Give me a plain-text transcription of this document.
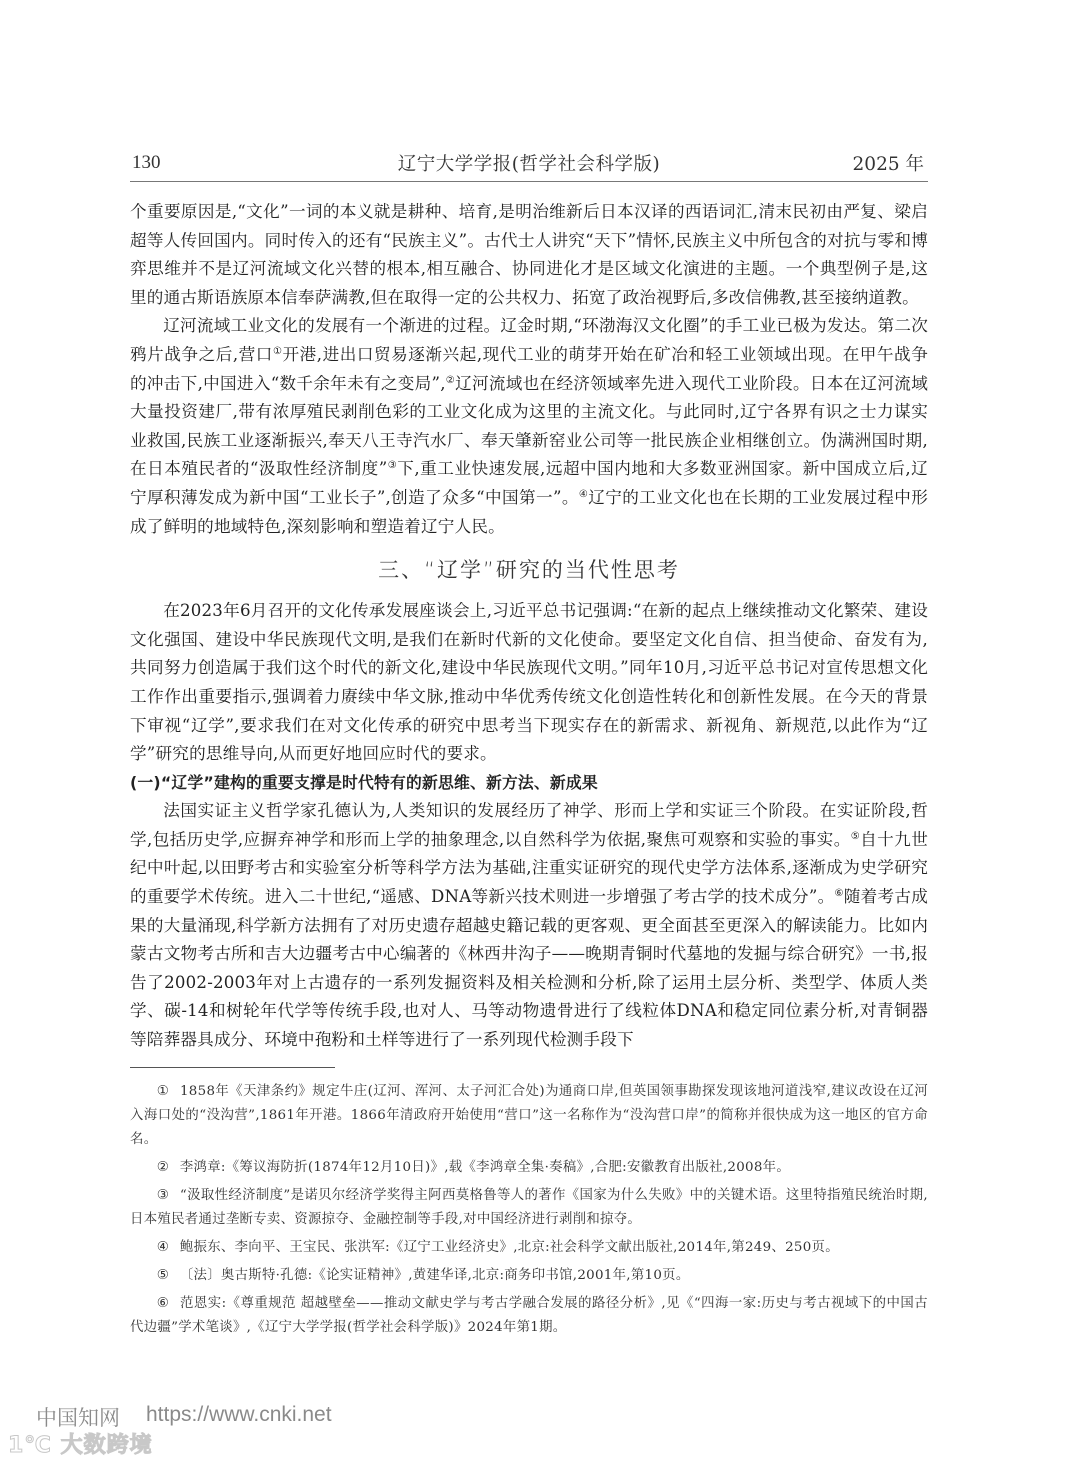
130	辽宁大学学报(哲学社会科学版)	2025 年

个重要原因是,“文化”一词的本义就是耕种、培育,是明治维新后日本汉译的西语词汇,清末民初由严复、梁启超等人传回国内。同时传入的还有“民族主义”。古代士人讲究“天下”情怀,民族主义中所包含的对抗与零和博弈思维并不是辽河流域文化兴替的根本,相互融合、协同进化才是区域文化演进的主题。一个典型例子是,这里的通古斯语族原本信奉萨满教,但在取得一定的公共权力、拓宽了政治视野后,多改信佛教,甚至接纳道教。

辽河流域工业文化的发展有一个渐进的过程。辽金时期,“环渤海汉文化圈”的手工业已极为发达。第二次鸦片战争之后,营口①开港,进出口贸易逐渐兴起,现代工业的萌芽开始在矿冶和轻工业领域出现。在甲午战争的冲击下,中国进入“数千余年未有之变局”,②辽河流域也在经济领域率先进入现代工业阶段。日本在辽河流域大量投资建厂,带有浓厚殖民剥削色彩的工业文化成为这里的主流文化。与此同时,辽宁各界有识之士力谋实业救国,民族工业逐渐振兴,奉天八王寺汽水厂、奉天肇新窑业公司等一批民族企业相继创立。伪满洲国时期,在日本殖民者的“汲取性经济制度”③下,重工业快速发展,远超中国内地和大多数亚洲国家。新中国成立后,辽宁厚积薄发成为新中国“工业长子”,创造了众多“中国第一”。④辽宁的工业文化也在长期的工业发展过程中形成了鲜明的地域特色,深刻影响和塑造着辽宁人民。

三、“辽学”研究的当代性思考

在2023年6月召开的文化传承发展座谈会上,习近平总书记强调:“在新的起点上继续推动文化繁荣、建设文化强国、建设中华民族现代文明,是我们在新时代新的文化使命。要坚定文化自信、担当使命、奋发有为,共同努力创造属于我们这个时代的新文化,建设中华民族现代文明。”同年10月,习近平总书记对宣传思想文化工作作出重要指示,强调着力赓续中华文脉,推动中华优秀传统文化创造性转化和创新性发展。在今天的背景下审视“辽学”,要求我们在对文化传承的研究中思考当下现实存在的新需求、新视角、新规范,以此作为“辽学”研究的思维导向,从而更好地回应时代的要求。

(一)“辽学”建构的重要支撑是时代特有的新思维、新方法、新成果

法国实证主义哲学家孔德认为,人类知识的发展经历了神学、形而上学和实证三个阶段。在实证阶段,哲学,包括历史学,应摒弃神学和形而上学的抽象理念,以自然科学为依据,聚焦可观察和实验的事实。⑤自十九世纪中叶起,以田野考古和实验室分析等科学方法为基础,注重实证研究的现代史学方法体系,逐渐成为史学研究的重要学术传统。进入二十世纪,“遥感、DNA等新兴技术则进一步增强了考古学的技术成分”。⑥随着考古成果的大量涌现,科学新方法拥有了对历史遗存超越史籍记载的更客观、更全面甚至更深入的解读能力。比如内蒙古文物考古所和吉大边疆考古中心编著的《林西井沟子——晚期青铜时代墓地的发掘与综合研究》一书,报告了2002-2003年对上古遗存的一系列发掘资料及相关检测和分析,除了运用土层分析、类型学、体质人类学、碳-14和树轮年代学等传统手段,也对人、马等动物遗骨进行了线粒体DNA和稳定同位素分析,对青铜器等陪葬器具成分、环境中孢粉和土样等进行了一系列现代检测手段下

① 1858年《天津条约》规定牛庄(辽河、浑河、太子河汇合处)为通商口岸,但英国领事勘探发现该地河道浅窄,建议改设在辽河入海口处的“没沟营”,1861年开港。1866年清政府开始使用“营口”这一名称作为“没沟营口岸”的简称并很快成为这一地区的官方命名。

② 李鸿章:《筹议海防折(1874年12月10日)》,载《李鸿章全集·奏稿》,合肥:安徽教育出版社,2008年。

③ “汲取性经济制度”是诺贝尔经济学奖得主阿西莫格鲁等人的著作《国家为什么失败》中的关键术语。这里特指殖民统治时期,日本殖民者通过垄断专卖、资源掠夺、金融控制等手段,对中国经济进行剥削和掠夺。

④ 鲍振东、李向平、王宝民、张洪军:《辽宁工业经济史》,北京:社会科学文献出版社,2014年,第249、250页。

⑤ 〔法〕奥古斯特·孔德:《论实证精神》,黄建华译,北京:商务印书馆,2001年,第10页。

⑥ 范恩实:《尊重规范 超越壁垒——推动文献史学与考古学融合发展的路径分析》,见《“四海一家:历史与考古视域下的中国古代边疆”学术笔谈》,《辽宁大学学报(哲学社会科学版)》2024年第1期。

中国知网 https://www.cnki.net
1℃ 大数跨境
